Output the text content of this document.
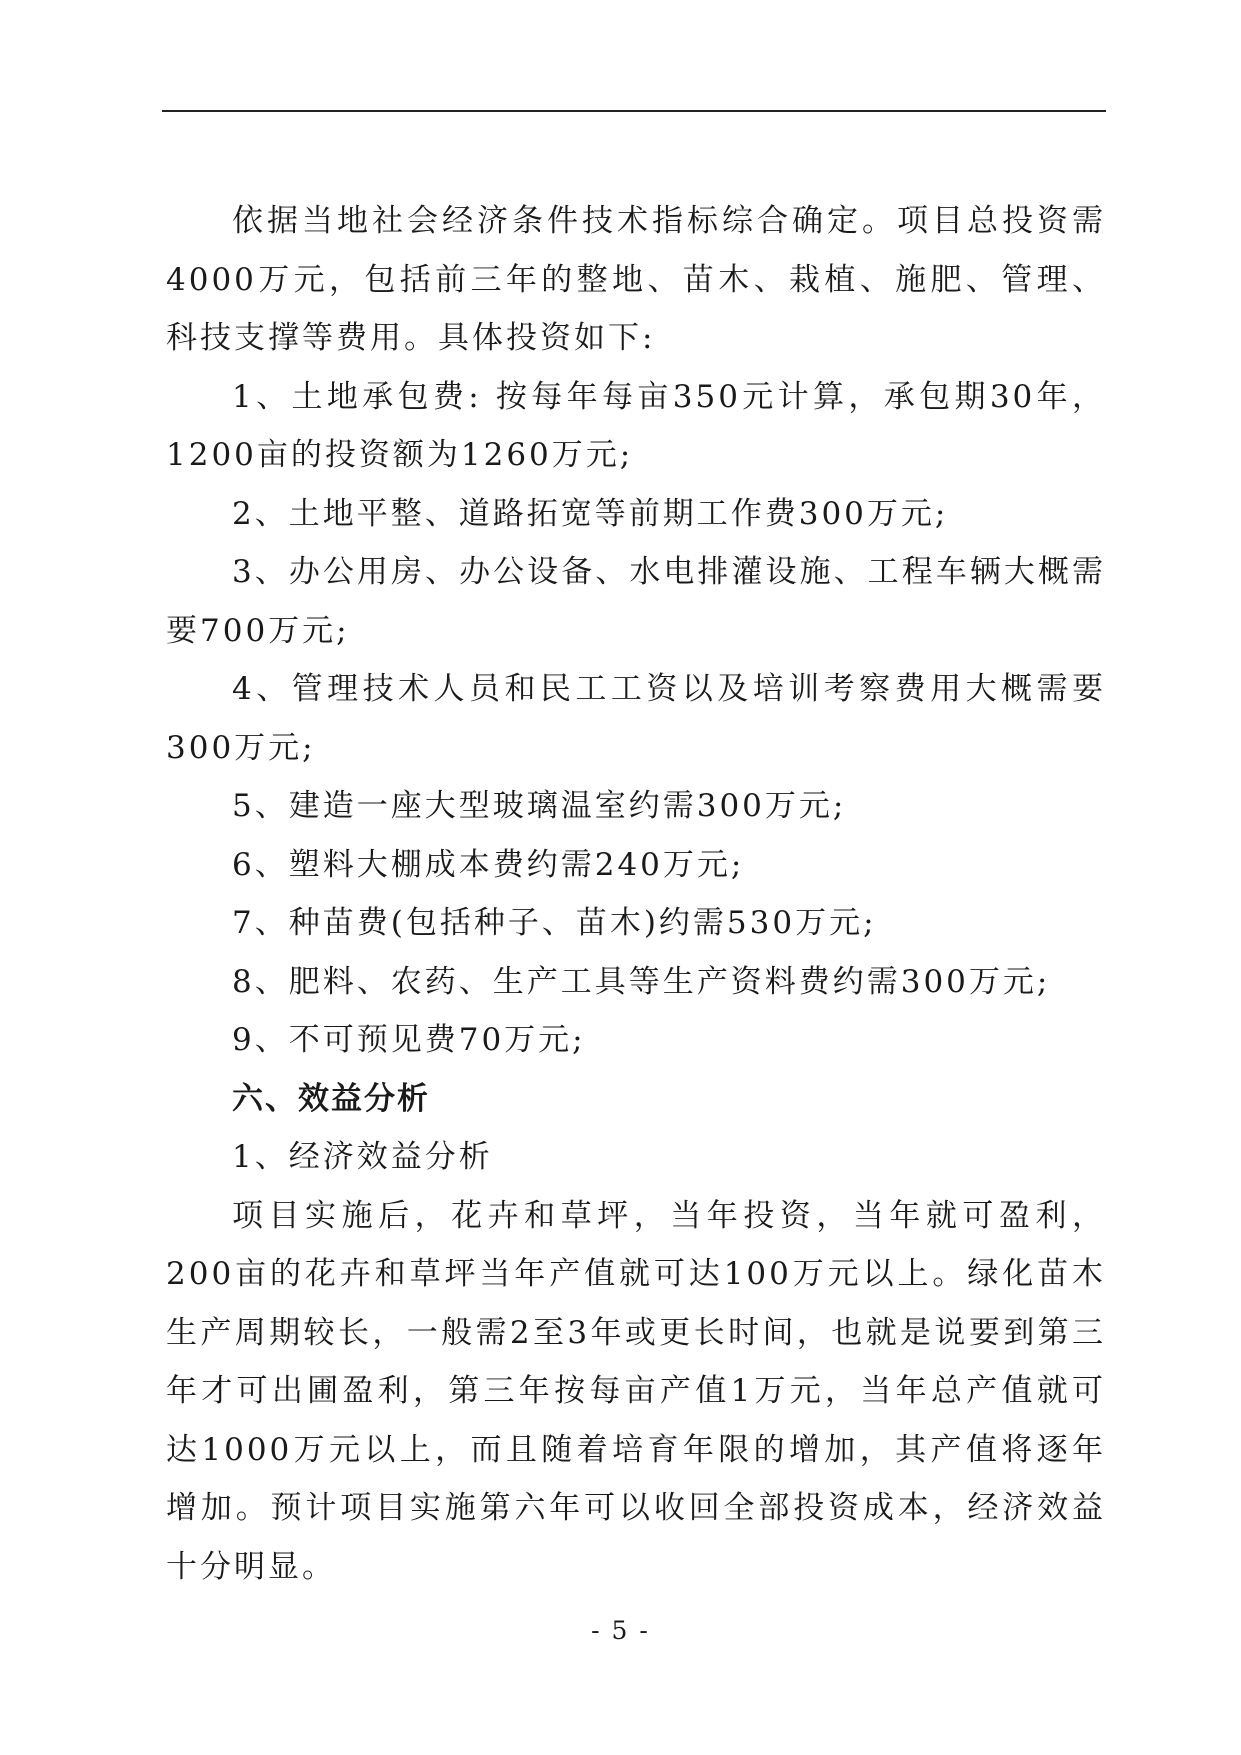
依据当地社会经济条件技术指标综合确定。项目总投资需4000万元，包括前三年的整地、苗木、栽植、施肥、管理、科技支撑等费用。具体投资如下:

1、土地承包费: 按每年每亩350元计算，承包期30年，1200亩的投资额为1260万元;

2、土地平整、道路拓宽等前期工作费300万元;

3、办公用房、办公设备、水电排灌设施、工程车辆大概需要700万元;

4、管理技术人员和民工工资以及培训考察费用大概需要300万元;

5、建造一座大型玻璃温室约需300万元;

6、塑料大棚成本费约需240万元;

7、种苗费(包括种子、苗木)约需530万元;

8、肥料、农药、生产工具等生产资料费约需300万元;

9、不可预见费70万元;

六、效益分析

1、经济效益分析

项目实施后，花卉和草坪，当年投资，当年就可盈利，200亩的花卉和草坪当年产值就可达100万元以上。绿化苗木生产周期较长，一般需2至3年或更长时间，也就是说要到第三年才可出圃盈利，第三年按每亩产值1万元，当年总产值就可达1000万元以上，而且随着培育年限的增加，其产值将逐年增加。预计项目实施第六年可以收回全部投资成本，经济效益十分明显。

- 5 -
